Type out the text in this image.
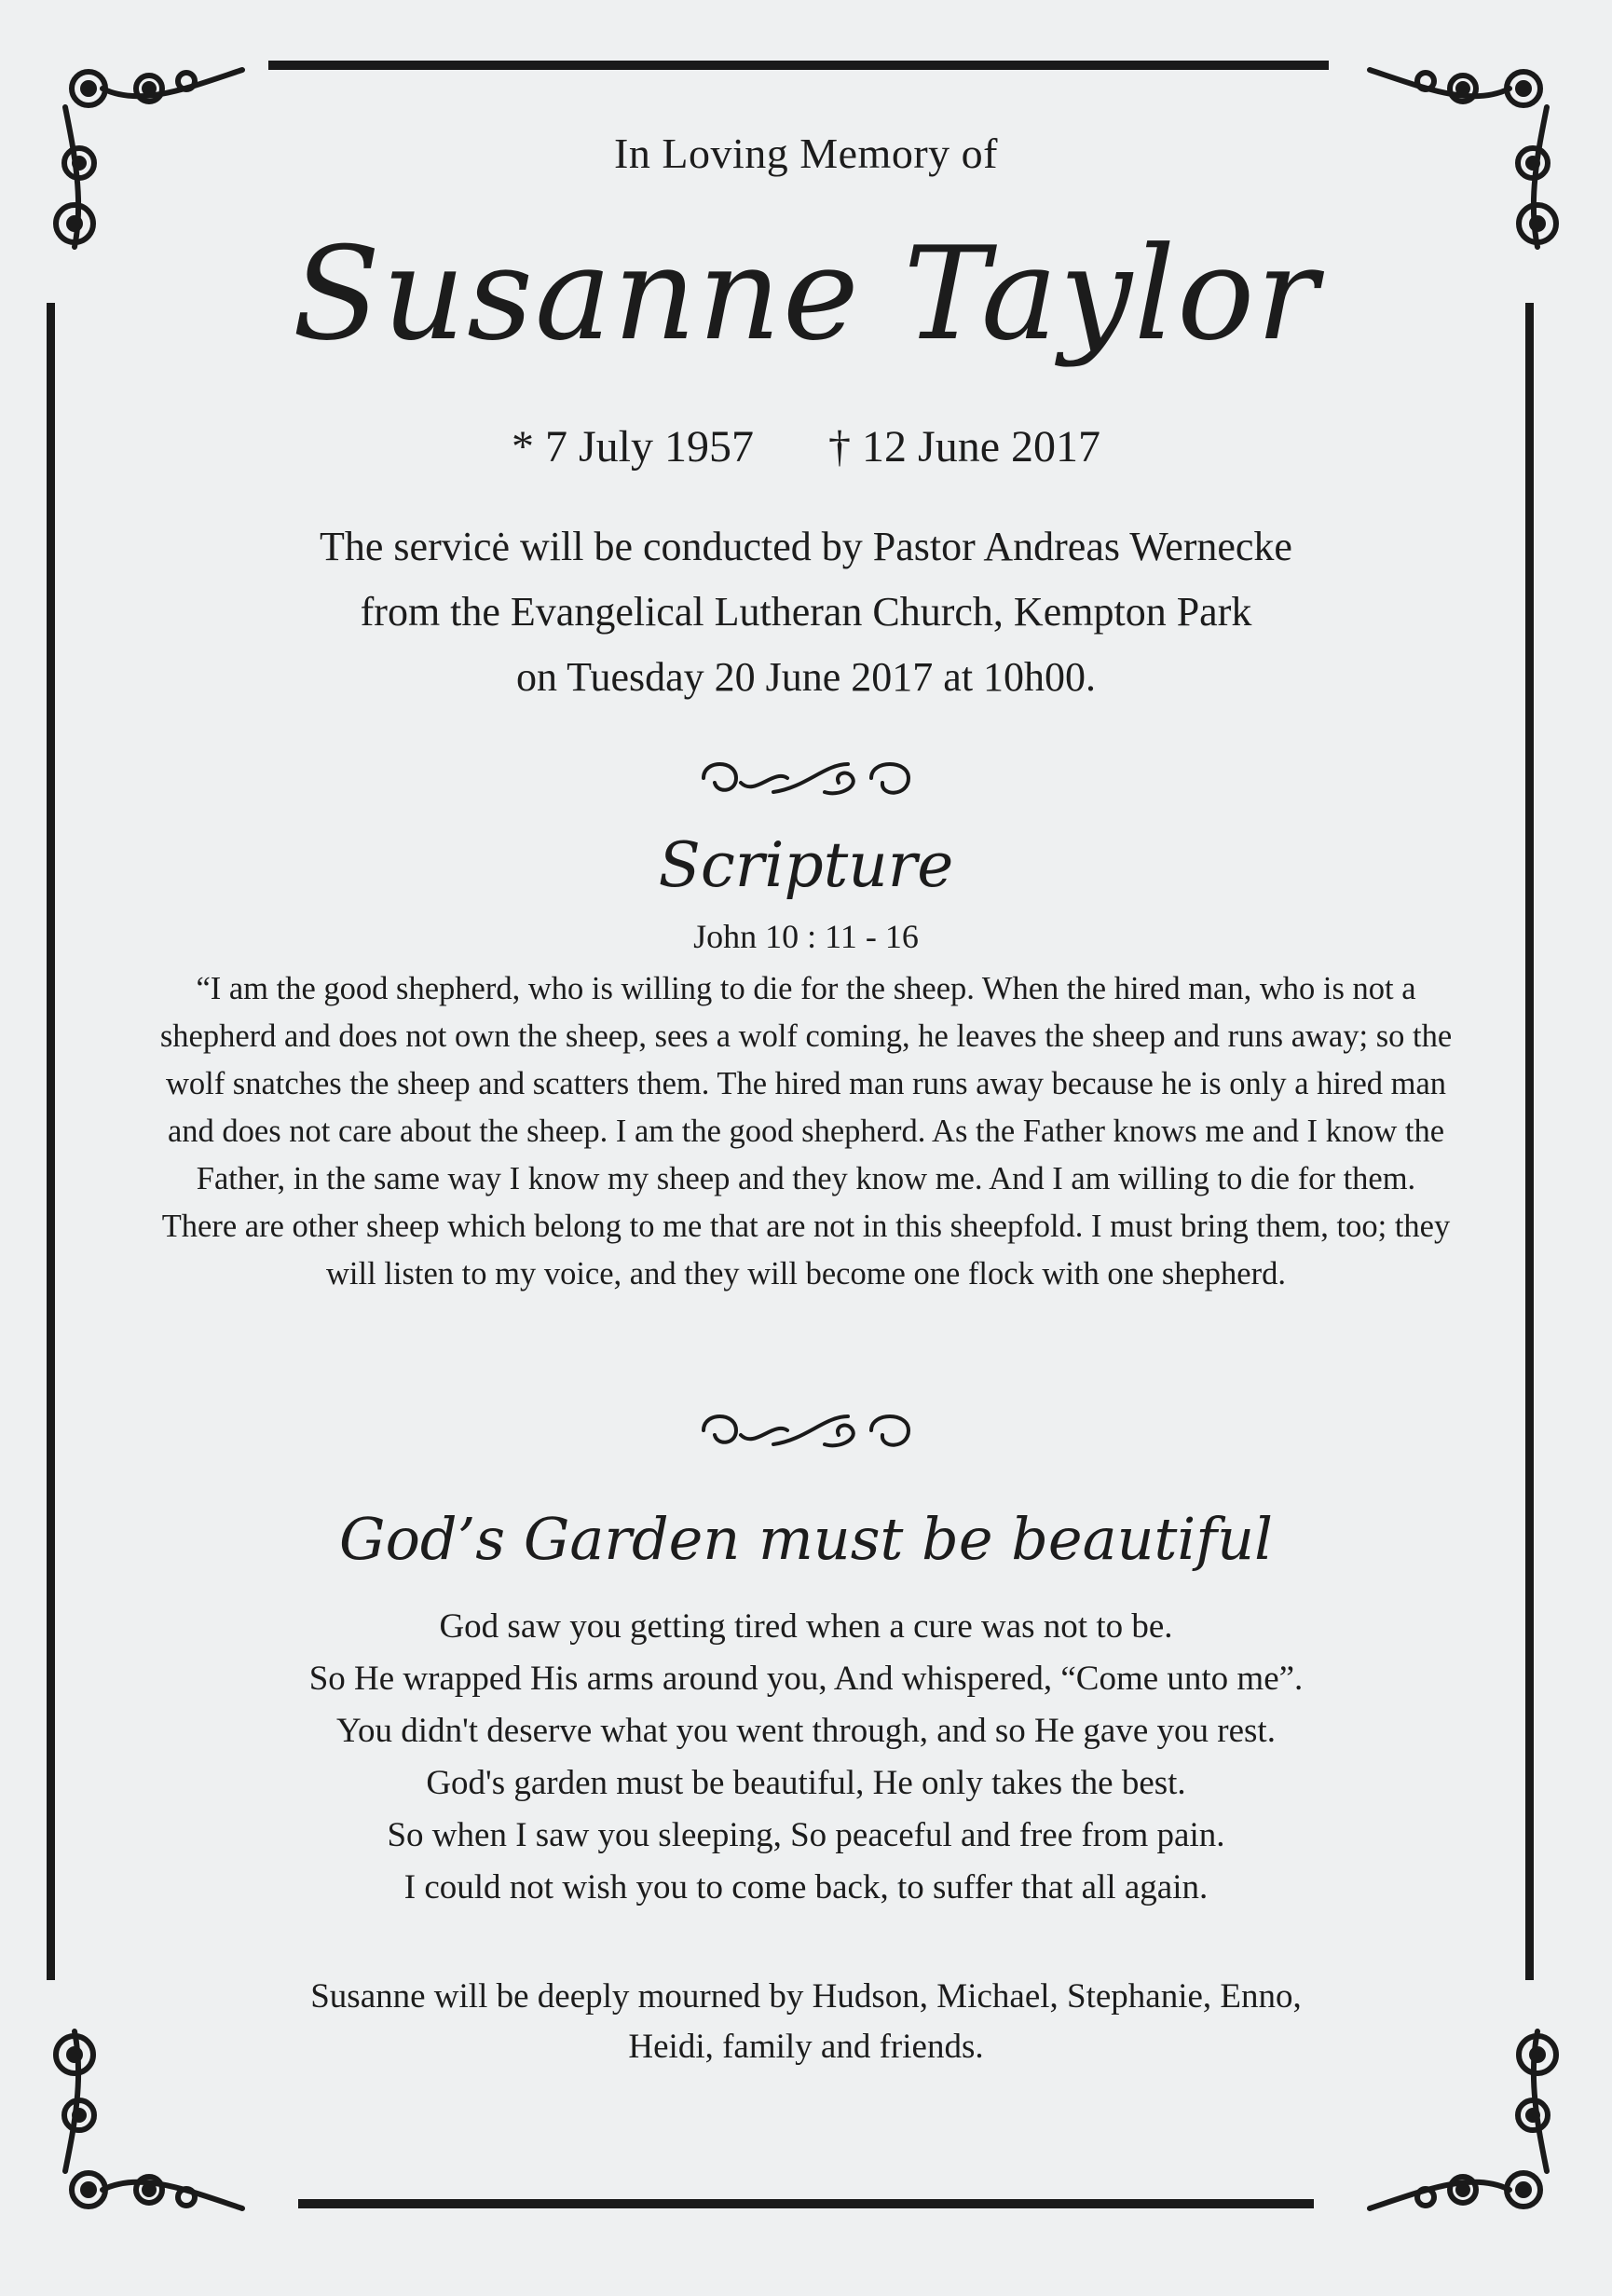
In Loving Memory of
Susanne Taylor
* 7 July 1957 † 12 June 2017
The servicė will be conducted by Pastor Andreas Wernecke
from the Evangelical Lutheran Church, Kempton Park
on Tuesday 20 June 2017 at 10h00.
Scripture
John 10 : 11 - 16
“I am the good shepherd, who is willing to die for the sheep. When the hired man, who is not a shepherd and does not own the sheep, sees a wolf coming, he leaves the sheep and runs away; so the wolf snatches the sheep and scatters them. The hired man runs away because he is only a hired man and does not care about the sheep. I am the good shepherd. As the Father knows me and I know the Father, in the same way I know my sheep and they know me. And I am willing to die for them. There are other sheep which belong to me that are not in this sheepfold. I must bring them, too; they will listen to my voice, and they will become one flock with one shepherd.
God’s Garden must be beautiful
God saw you getting tired when a cure was not to be.
So He wrapped His arms around you, And whispered, “Come unto me”.
You didn't deserve what you went through, and so He gave you rest.
God's garden must be beautiful, He only takes the best.
So when I saw you sleeping, So peaceful and free from pain.
I could not wish you to come back, to suffer that all again.
Susanne will be deeply mourned by Hudson, Michael, Stephanie, Enno,
Heidi, family and friends.
